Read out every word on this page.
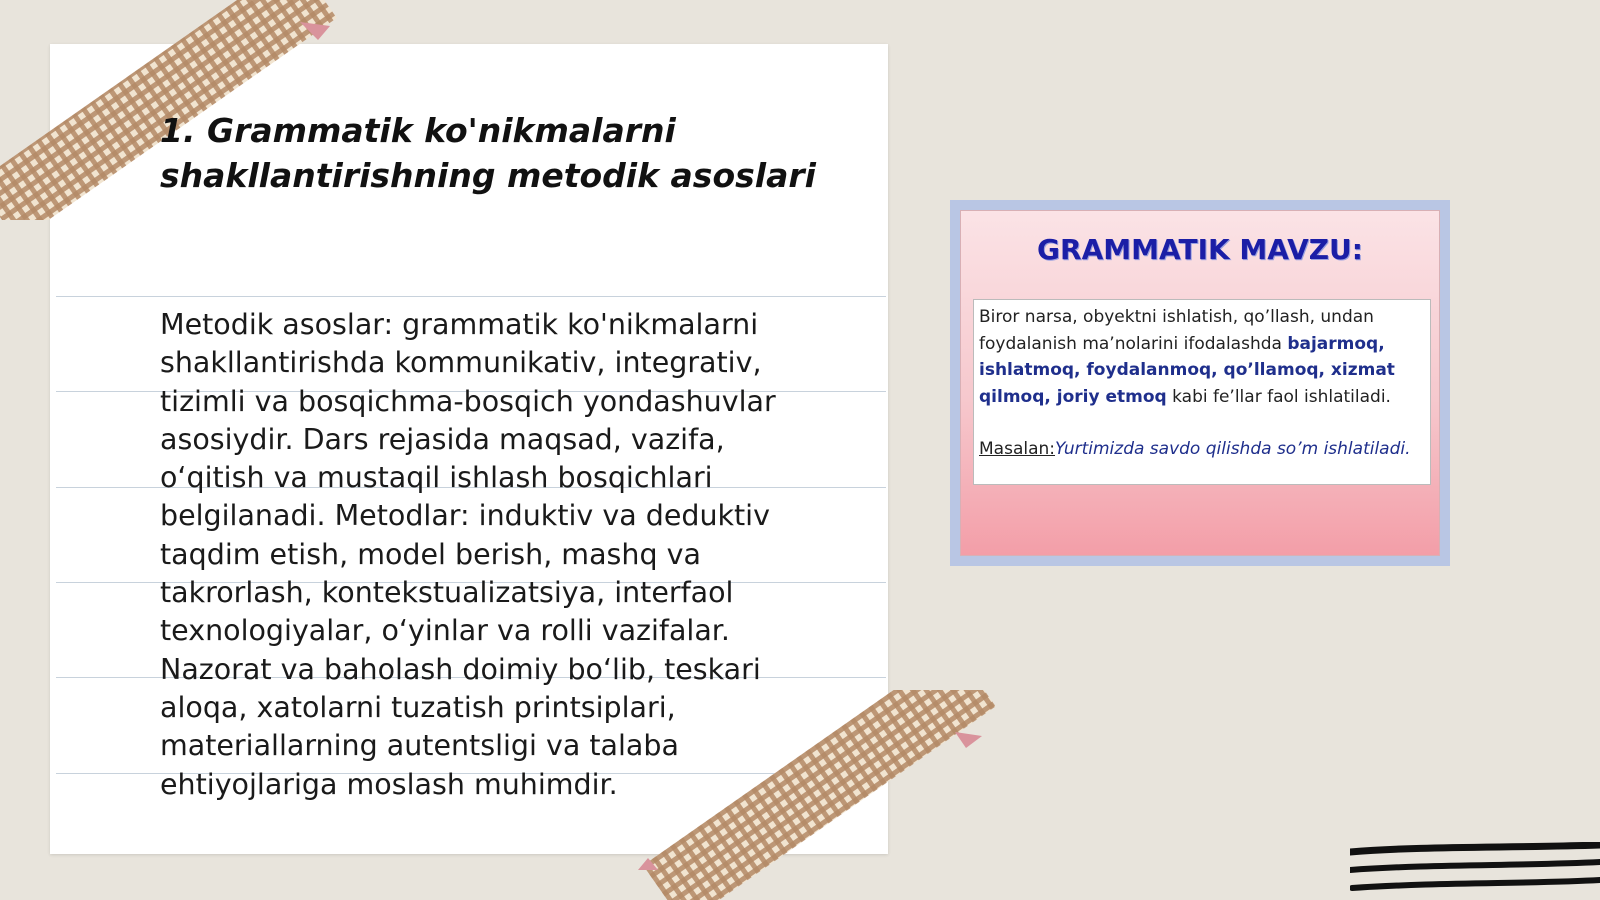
1. Grammatik ko'nikmalarni
shakllantirishning metodik asoslari

Metodik asoslar: grammatik ko'nikmalarni
shakllantirishda kommunikativ, integrativ,
tizimli va bosqichma-bosqich yondashuvlar
asosiydir. Dars rejasida maqsad, vazifa,
o‘qitish va mustaqil ishlash bosqichlari
belgilanadi. Metodlar: induktiv va deduktiv
taqdim etish, model berish, mashq va
takrorlash, kontekstualizatsiya, interfaol
texnologiyalar, o‘yinlar va rolli vazifalar.
Nazorat va baholash doimiy bo‘lib, teskari
aloqa, xatolarni tuzatish printsiplari,
materiallarning autentsligi va talaba
ehtiyojlariga moslash muhimdir.

GRAMMATIK MAVZU:

Biror narsa, obyektni ishlatish, qo’llash, undan foydalanish ma’nolarini ifodalashda bajarmoq, ishlatmoq, foydalanmoq, qo’llamoq, xizmat qilmoq, joriy etmoq kabi fe’llar faol ishlatiladi.

Masalan:Yurtimizda savdo qilishda so’m ishlatiladi.
